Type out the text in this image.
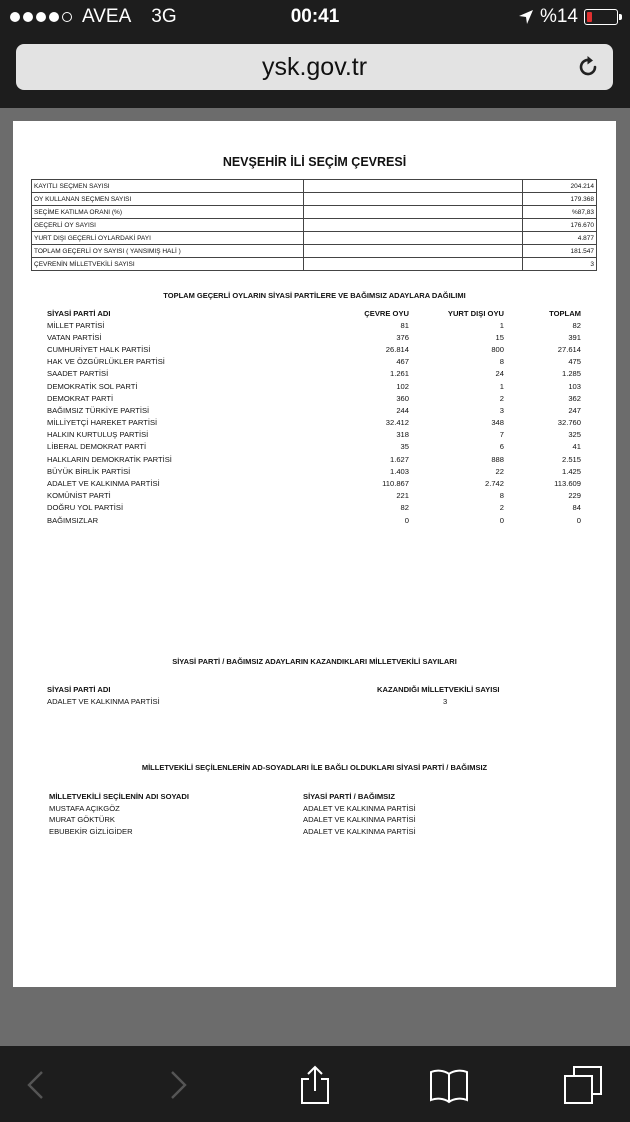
AVEA 3G	00:41	%14
ysk.gov.tr
NEVŞEHİR İLİ SEÇİM ÇEVRESİ
KAYITLI SEÇMEN SAYISI		204.214
OY KULLANAN SEÇMEN SAYISI		179.368
SEÇİME KATILMA ORANI (%)		%87,83
GEÇERLİ OY SAYISI		176.670
YURT DIŞI GEÇERLİ OYLARDAKİ PAYI		4.877
TOPLAM GEÇERLİ OY SAYISI ( YANSIMIŞ HALİ )		181.547
ÇEVRENİN MİLLETVEKİLİ SAYISI		3
TOPLAM GEÇERLİ OYLARIN SİYASİ PARTİLERE VE BAĞIMSIZ ADAYLARA DAĞILIMI
SİYASİ PARTİ ADI	ÇEVRE OYU	YURT DIŞI OYU	TOPLAM
MİLLET PARTİSİ	81	1	82
VATAN PARTİSİ	376	15	391
CUMHURİYET HALK PARTİSİ	26.814	800	27.614
HAK VE ÖZGÜRLÜKLER PARTİSİ	467	8	475
SAADET PARTİSİ	1.261	24	1.285
DEMOKRATİK SOL PARTİ	102	1	103
DEMOKRAT PARTİ	360	2	362
BAĞIMSIZ TÜRKİYE PARTİSİ	244	3	247
MİLLİYETÇİ HAREKET PARTİSİ	32.412	348	32.760
HALKIN KURTULUŞ PARTİSİ	318	7	325
LİBERAL DEMOKRAT PARTİ	35	6	41
HALKLARIN DEMOKRATİK PARTİSİ	1.627	888	2.515
BÜYÜK BİRLİK PARTİSİ	1.403	22	1.425
ADALET VE KALKINMA PARTİSİ	110.867	2.742	113.609
KOMÜNİST PARTİ	221	8	229
DOĞRU YOL PARTİSİ	82	2	84
BAĞIMSIZLAR	0	0	0
SİYASİ PARTİ / BAĞIMSIZ ADAYLARIN KAZANDIKLARI MİLLETVEKİLİ SAYILARI
SİYASİ PARTİ ADI	KAZANDIĞI MİLLETVEKİLİ SAYISI
ADALET VE KALKINMA PARTİSİ	3
MİLLETVEKİLİ SEÇİLENLERİN AD-SOYADLARI İLE BAĞLI OLDUKLARI SİYASİ PARTİ / BAĞIMSIZ
MİLLETVEKİLİ SEÇİLENİN ADI SOYADI	SİYASİ PARTİ / BAĞIMSIZ
MUSTAFA AÇIKGÖZ	ADALET VE KALKINMA PARTİSİ
MURAT GÖKTÜRK	ADALET VE KALKINMA PARTİSİ
EBUBEKİR GİZLİGİDER	ADALET VE KALKINMA PARTİSİ
